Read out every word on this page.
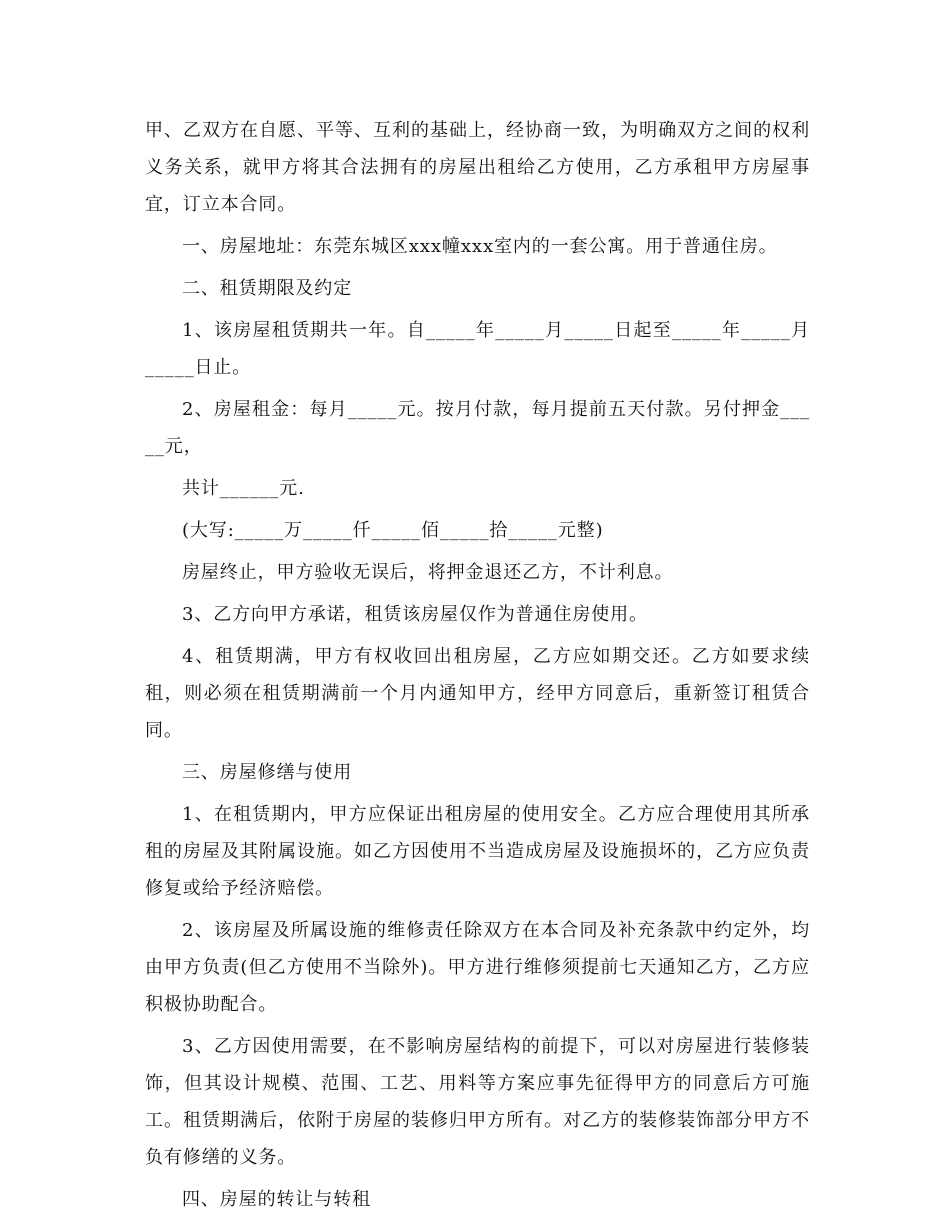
甲、乙双方在自愿、平等、互利的基础上，经协商一致，为明确双方之间的权利义务关系，就甲方将其合法拥有的房屋出租给乙方使用，乙方承租甲方房屋事宜，订立本合同。

一、房屋地址：东莞东城区xxx幢xxx室内的一套公寓。用于普通住房。

二、租赁期限及约定

1、该房屋租赁期共一年。自_____年_____月_____日起至_____年_____月_____日止。

2、房屋租金：每月_____元。按月付款，每月提前五天付款。另付押金_____元，

共计______元.

(大写:_____万_____仟_____佰_____拾_____元整)

房屋终止，甲方验收无误后，将押金退还乙方，不计利息。

3、乙方向甲方承诺，租赁该房屋仅作为普通住房使用。

4、租赁期满，甲方有权收回出租房屋，乙方应如期交还。乙方如要求续租，则必须在租赁期满前一个月内通知甲方，经甲方同意后，重新签订租赁合同。

三、房屋修缮与使用

1、在租赁期内，甲方应保证出租房屋的使用安全。乙方应合理使用其所承租的房屋及其附属设施。如乙方因使用不当造成房屋及设施损坏的，乙方应负责修复或给予经济赔偿。

2、该房屋及所属设施的维修责任除双方在本合同及补充条款中约定外，均由甲方负责(但乙方使用不当除外)。甲方进行维修须提前七天通知乙方，乙方应积极协助配合。

3、乙方因使用需要，在不影响房屋结构的前提下，可以对房屋进行装修装饰，但其设计规模、范围、工艺、用料等方案应事先征得甲方的同意后方可施工。租赁期满后，依附于房屋的装修归甲方所有。对乙方的装修装饰部分甲方不负有修缮的义务。

四、房屋的转让与转租
